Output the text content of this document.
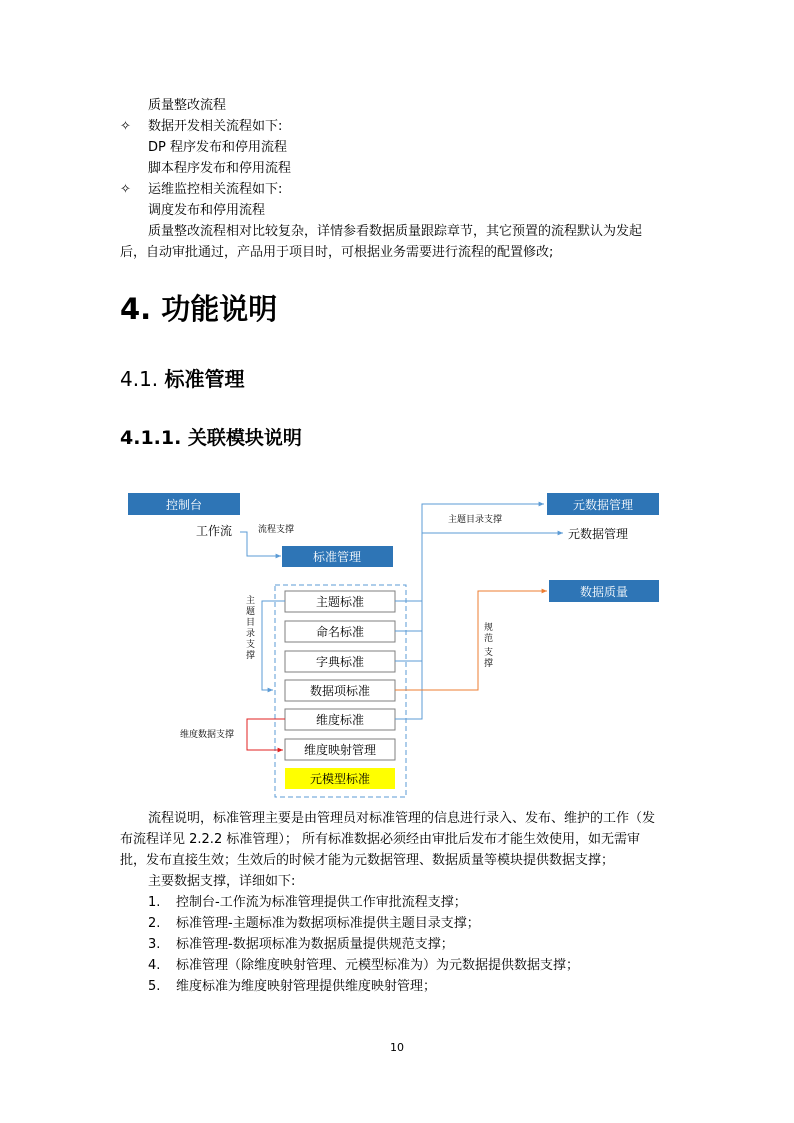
质量整改流程
✧ 数据开发相关流程如下:
DP 程序发布和停用流程
脚本程序发布和停用流程
✧ 运维监控相关流程如下:
调度发布和停用流程
质量整改流程相对比较复杂，详情参看数据质量跟踪章节，其它预置的流程默认为发起
后，自动审批通过，产品用于项目时，可根据业务需要进行流程的配置修改;
4. 功能说明
4.1. 标准管理
4.1.1. 关联模块说明
控制台
工作流	流程支撑
标准管理
主题标准
命名标准
字典标准
数据项标准
维度标准
维度映射管理
元模型标准
主
题
目
录
支
撑
维度数据支撑
主题目录支撑
元数据管理
元数据管理
规
范
支
撑
数据质量
流程说明，标准管理主要是由管理员对标准管理的信息进行录入、发布、维护的工作（发
布流程详见 2.2.2 标准管理）； 所有标准数据必须经由审批后发布才能生效使用，如无需审
批，发布直接生效；生效后的时候才能为元数据管理、数据质量等模块提供数据支撑；
主要数据支撑，详细如下:
1. 控制台-工作流为标准管理提供工作审批流程支撑；
2. 标准管理-主题标准为数据项标准提供主题目录支撑；
3. 标准管理-数据项标准为数据质量提供规范支撑；
4. 标准管理（除维度映射管理、元模型标准为）为元数据提供数据支撑；
5. 维度标准为维度映射管理提供维度映射管理；
10
